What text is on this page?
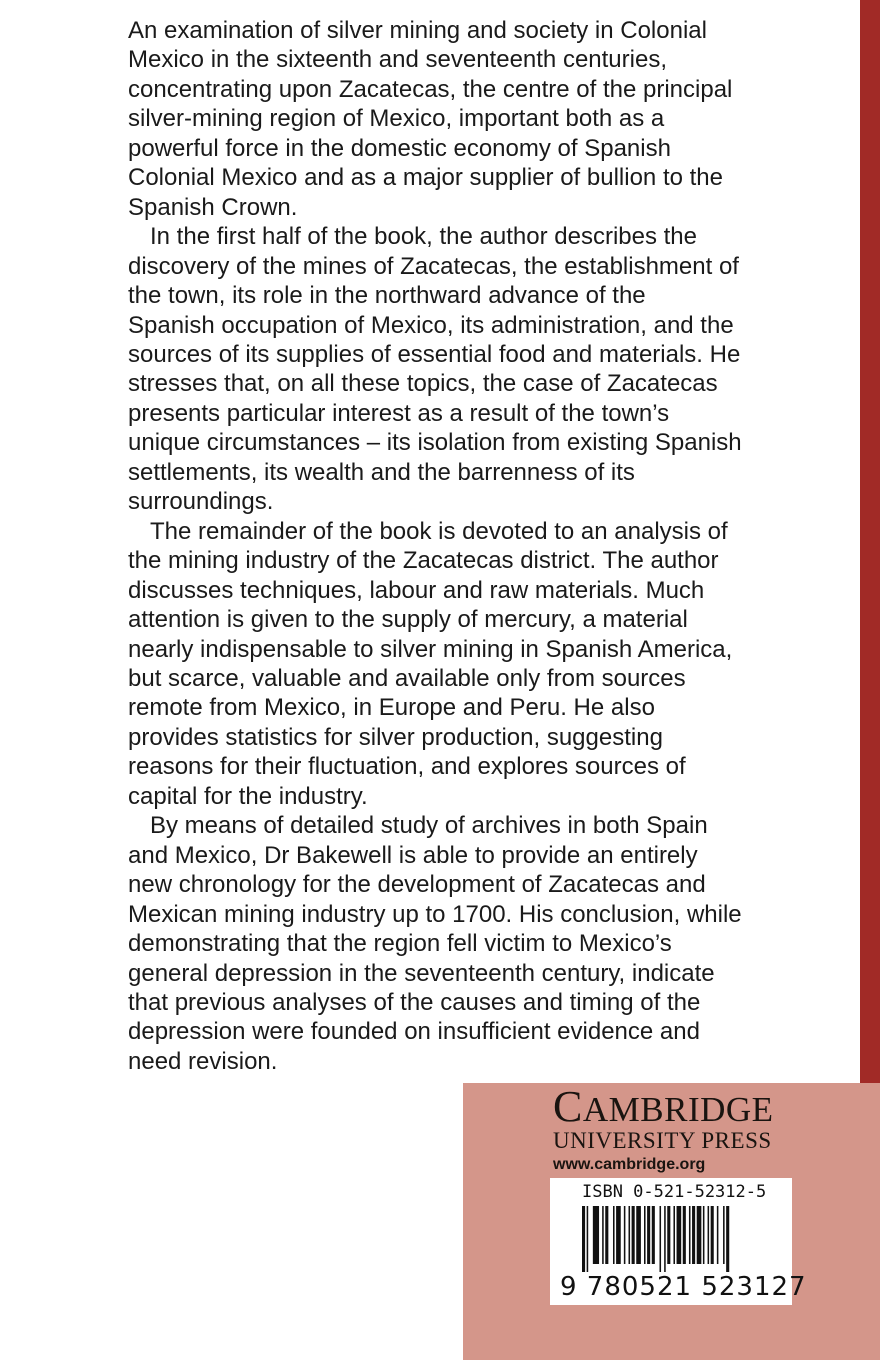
An examination of silver mining and society in Colonial
Mexico in the sixteenth and seventeenth centuries,
concentrating upon Zacatecas, the centre of the principal
silver-mining region of Mexico, important both as a
powerful force in the domestic economy of Spanish
Colonial Mexico and as a major supplier of bullion to the
Spanish Crown.
In the first half of the book, the author describes the
discovery of the mines of Zacatecas, the establishment of
the town, its role in the northward advance of the
Spanish occupation of Mexico, its administration, and the
sources of its supplies of essential food and materials. He
stresses that, on all these topics, the case of Zacatecas
presents particular interest as a result of the town’s
unique circumstances – its isolation from existing Spanish
settlements, its wealth and the barrenness of its
surroundings.
The remainder of the book is devoted to an analysis of
the mining industry of the Zacatecas district. The author
discusses techniques, labour and raw materials. Much
attention is given to the supply of mercury, a material
nearly indispensable to silver mining in Spanish America,
but scarce, valuable and available only from sources
remote from Mexico, in Europe and Peru. He also
provides statistics for silver production, suggesting
reasons for their fluctuation, and explores sources of
capital for the industry.
By means of detailed study of archives in both Spain
and Mexico, Dr Bakewell is able to provide an entirely
new chronology for the development of Zacatecas and
Mexican mining industry up to 1700. His conclusion, while
demonstrating that the region fell victim to Mexico’s
general depression in the seventeenth century, indicate
that previous analyses of the causes and timing of the
depression were founded on insufficient evidence and
need revision.
CAMBRIDGE
UNIVERSITY PRESS
www.cambridge.org
ISBN 0-521-52312-5
9 780521 523127
